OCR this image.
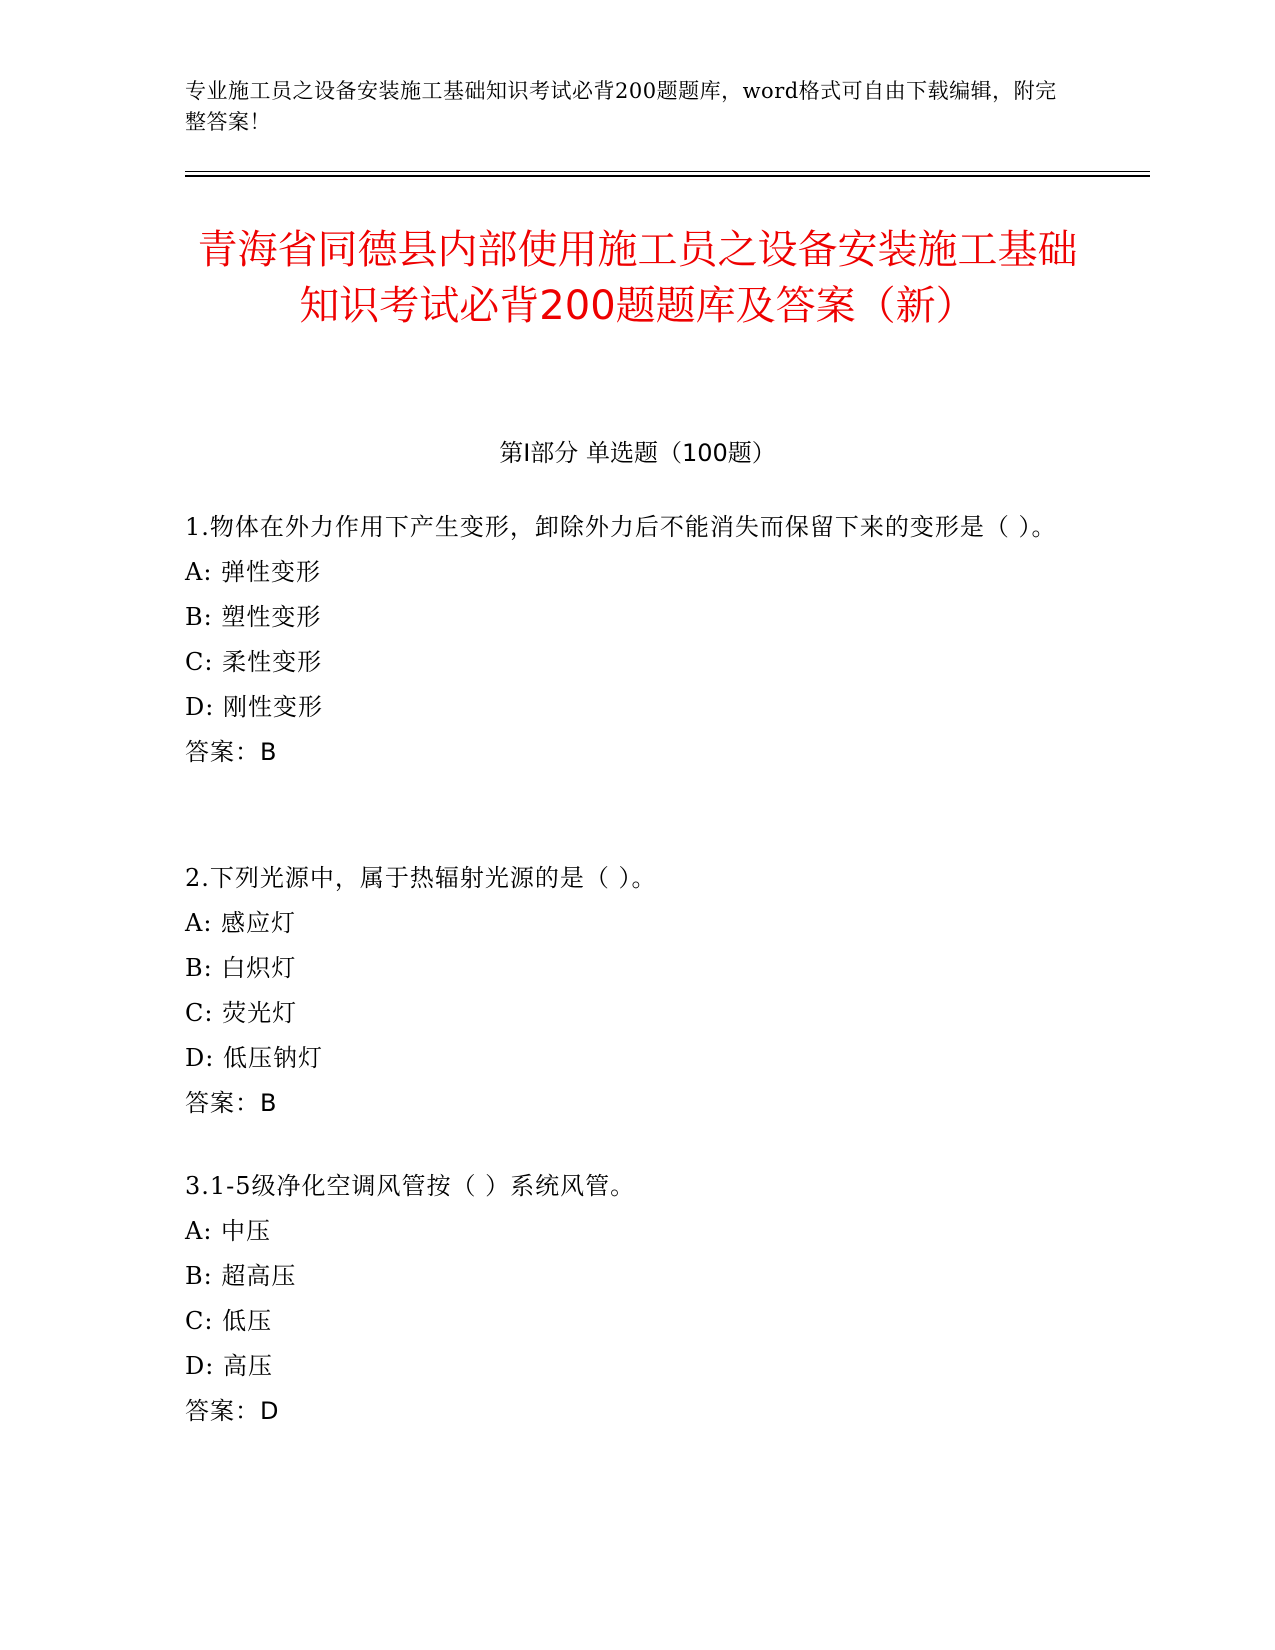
专业施工员之设备安装施工基础知识考试必背200题题库，word格式可自由下载编辑，附完整答案！
青海省同德县内部使用施工员之设备安装施工基础知识考试必背200题题库及答案（新）
第I部分 单选题（100题）
1.物体在外力作用下产生变形，卸除外力后不能消失而保留下来的变形是（ ）。
A: 弹性变形
B: 塑性变形
C: 柔性变形
D: 刚性变形
答案：B
2.下列光源中，属于热辐射光源的是（ ）。
A: 感应灯
B: 白炽灯
C: 荧光灯
D: 低压钠灯
答案：B
3.1-5级净化空调风管按（ ）系统风管。
A: 中压
B: 超高压
C: 低压
D: 高压
答案：D
